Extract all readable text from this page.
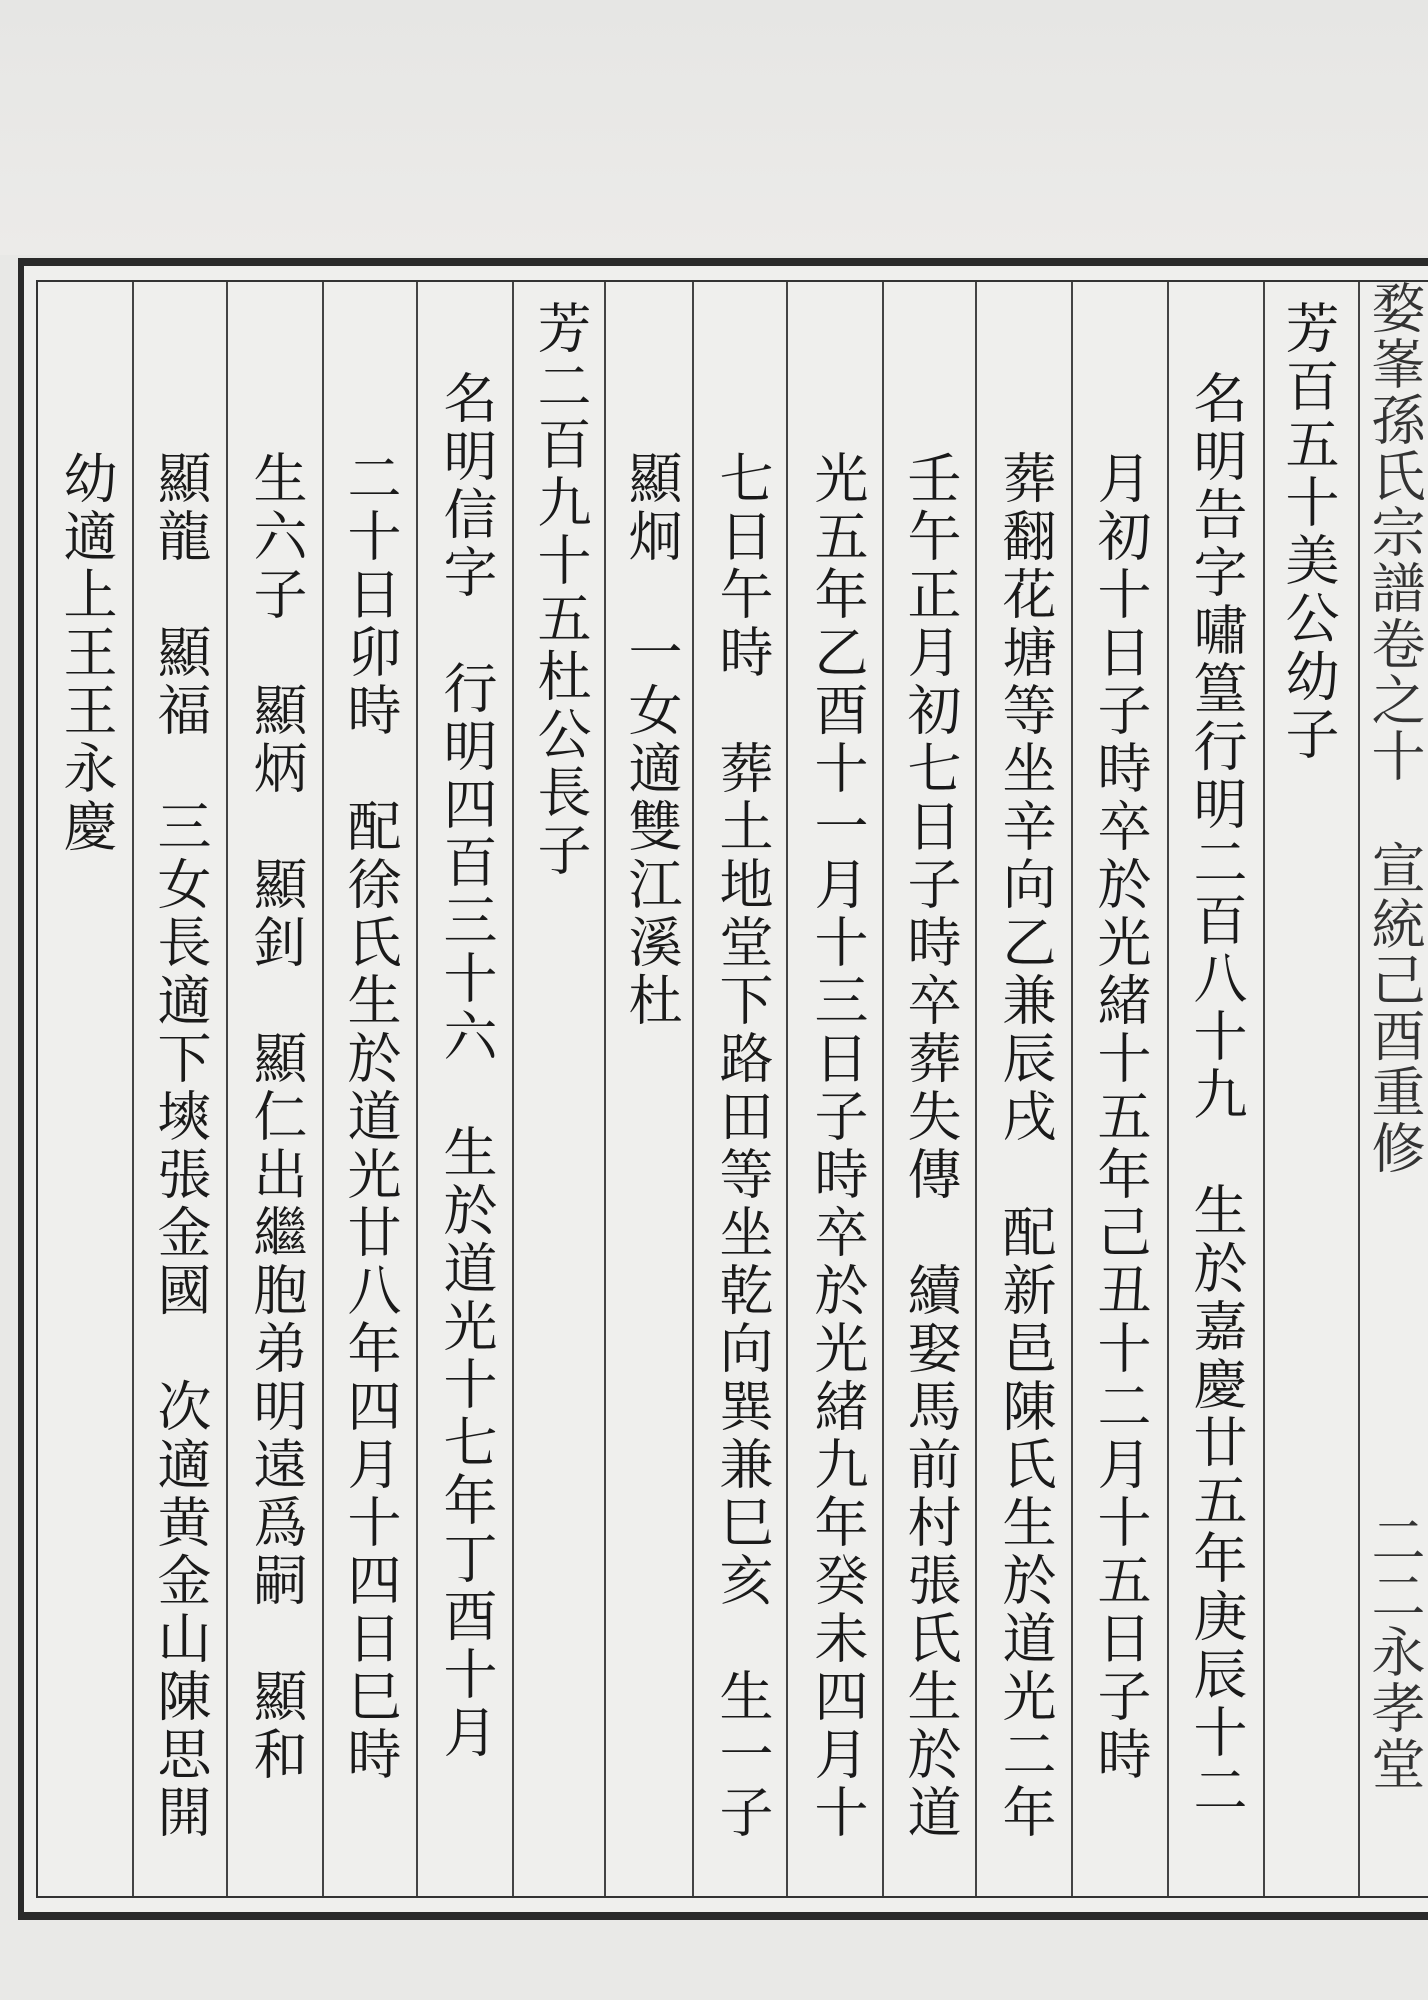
婺峯孫氏宗譜卷之十　宣統己酉重修　　　　　　二二永孝堂
芳百五十美公幼子
名明告字嘯篁行明二百八十九　生於嘉慶廿五年庚辰十二
月初十日子時卒於光緒十五年己丑十二月十五日子時
葬翻花塘等坐辛向乙兼辰戌　配新邑陳氏生於道光二年
壬午正月初七日子時卒葬失傳　續娶馬前村張氏生於道
光五年乙酉十一月十三日子時卒於光緒九年癸未四月十
七日午時　葬土地堂下路田等坐乾向巽兼巳亥　生一子
顯炯　一女適雙江溪杜
芳二百九十五杜公長子
名明信字　行明四百三十六　生於道光十七年丁酉十月
二十日卯時　配徐氏生於道光廿八年四月十四日巳時
生六子　顯炳　顯釗　顯仁出繼胞弟明遠爲嗣　顯和
顯龍　顯福　三女長適下塽張金國　次適黄金山陳思開
幼適上王王永慶
